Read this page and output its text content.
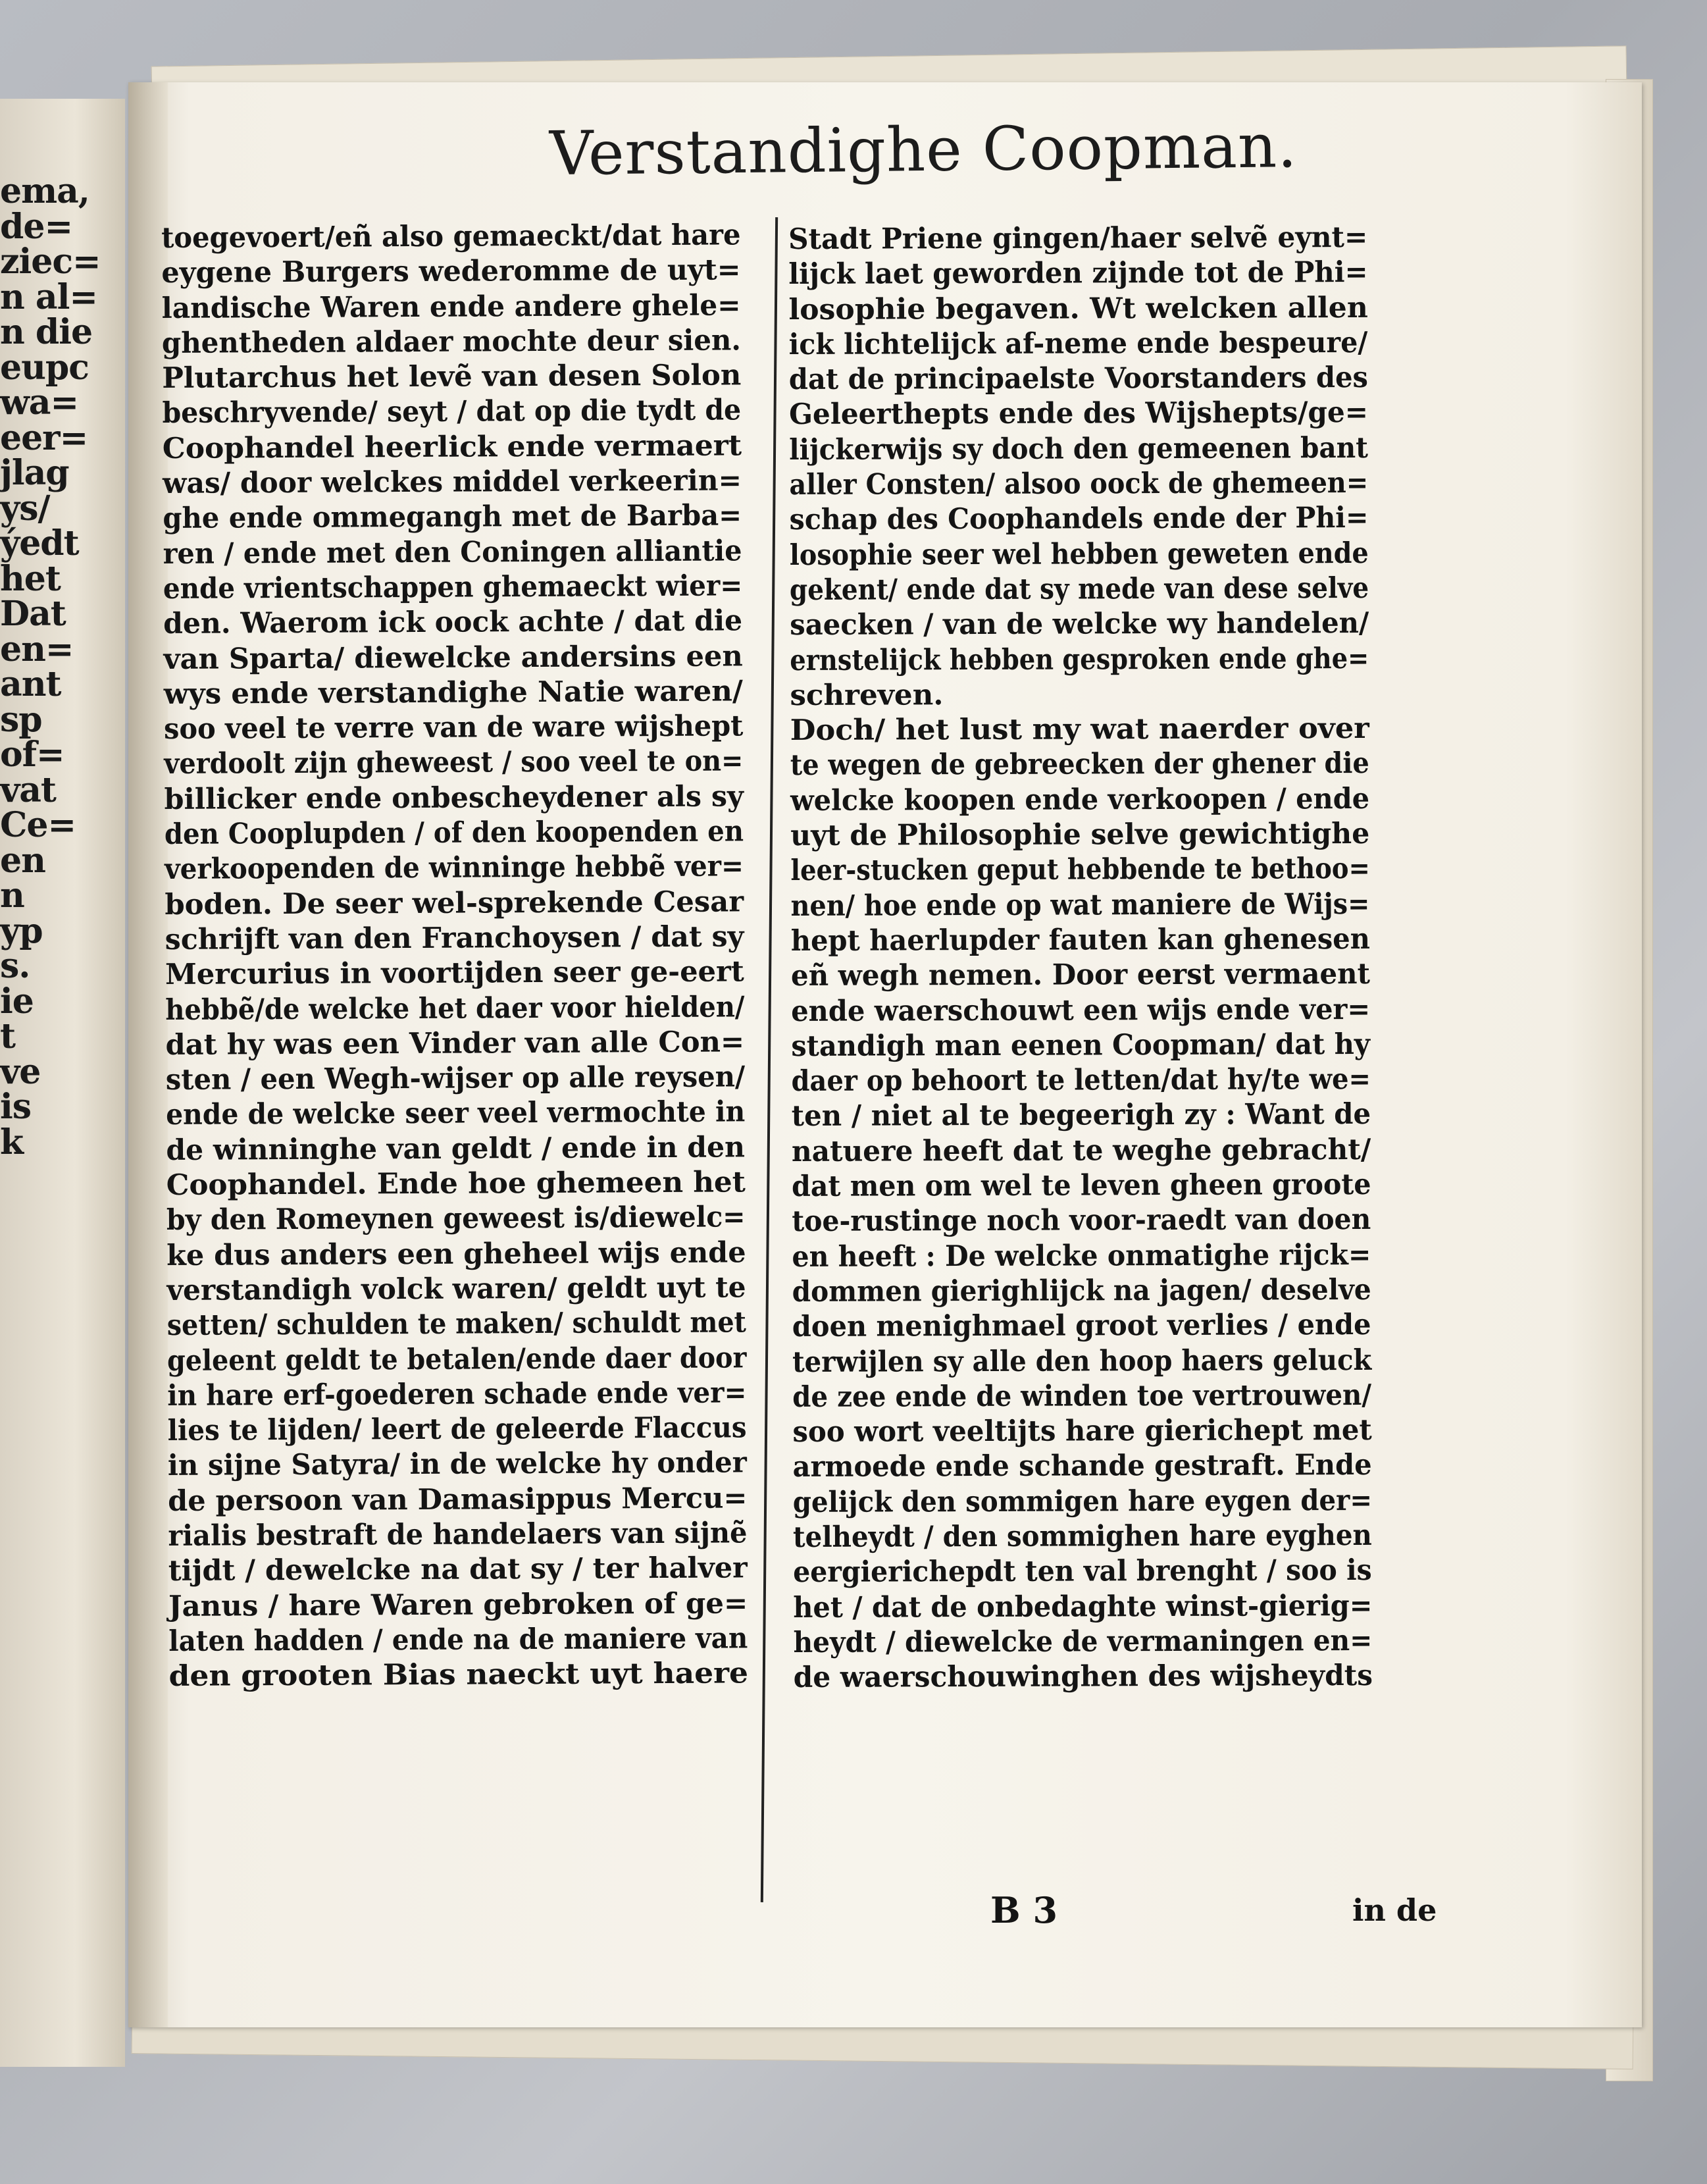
ema,
de=
ziec=
n al=
n die
eupc
wa=
eer=
jlag
ys/
ýedt
het
Dat
en=
ant
sp
of=
vat
Ce=
en
n
yp
s.
ie
t
ve
is
k
Verstandighe Coopman.
toegevoert/eñ also gemaeckt/dat hare
eygene Burgers wederomme de uyt=
landische Waren ende andere ghele=
ghentheden aldaer mochte deur sien.
Plutarchus het levẽ van desen Solon
beschryvende/ seyt / dat op die tydt de
Coophandel heerlick ende vermaert
was/ door welckes middel verkeerin=
ghe ende ommegangh met de Barba=
ren / ende met den Coningen alliantie
ende vrientschappen ghemaeckt wier=
den. Waerom ick oock achte / dat die
van Sparta/ diewelcke andersins een
wys ende verstandighe Natie waren/
soo veel te verre van de ware wijshept
verdoolt zijn gheweest / soo veel te on=
billicker ende onbescheydener als sy
den Cooplupden / of den koopenden en
verkoopenden de winninge hebbẽ ver=
boden. De seer wel-sprekende Cesar
schrijft van den Franchoysen / dat sy
Mercurius in voortijden seer ge-eert
hebbẽ/de welcke het daer voor hielden/
dat hy was een Vinder van alle Con=
sten / een Wegh-wijser op alle reysen/
ende de welcke seer veel vermochte in
de winninghe van geldt / ende in den
Coophandel. Ende hoe ghemeen het
by den Romeynen geweest is/diewelc=
ke dus anders een gheheel wijs ende
verstandigh volck waren/ geldt uyt te
setten/ schulden te maken/ schuldt met
geleent geldt te betalen/ende daer door
in hare erf-goederen schade ende ver=
lies te lijden/ leert de geleerde Flaccus
in sijne Satyra/ in de welcke hy onder
de persoon van Damasippus Mercu=
rialis bestraft de handelaers van sijnẽ
tijdt / dewelcke na dat sy / ter halver
Janus / hare Waren gebroken of ge=
laten hadden / ende na de maniere van
den grooten Bias naeckt uyt haere
Stadt Priene gingen/haer selvẽ eynt=
lijck laet geworden zijnde tot de Phi=
losophie begaven. Wt welcken allen
ick lichtelijck af-neme ende bespeure/
dat de principaelste Voorstanders des
Geleerthepts ende des Wijshepts/ge=
lijckerwijs sy doch den gemeenen bant
aller Consten/ alsoo oock de ghemeen=
schap des Coophandels ende der Phi=
losophie seer wel hebben geweten ende
gekent/ ende dat sy mede van dese selve
saecken / van de welcke wy handelen/
ernstelijck hebben gesproken ende ghe=
schreven.
Doch/ het lust my wat naerder over
te wegen de gebreecken der ghener die
welcke koopen ende verkoopen / ende
uyt de Philosophie selve gewichtighe
leer-stucken geput hebbende te bethoo=
nen/ hoe ende op wat maniere de Wijs=
hept haerlupder fauten kan ghenesen
eñ wegh nemen. Door eerst vermaent
ende waerschouwt een wijs ende ver=
standigh man eenen Coopman/ dat hy
daer op behoort te letten/dat hy/te we=
ten / niet al te begeerigh zy : Want de
natuere heeft dat te weghe gebracht/
dat men om wel te leven gheen groote
toe-rustinge noch voor-raedt van doen
en heeft : De welcke onmatighe rijck=
dommen gierighlijck na jagen/ deselve
doen menighmael groot verlies / ende
terwijlen sy alle den hoop haers geluck
de zee ende de winden toe vertrouwen/
soo wort veeltijts hare gierichept met
armoede ende schande gestraft. Ende
gelijck den sommigen hare eygen der=
telheydt / den sommighen hare eyghen
eergierichepdt ten val brenght / soo is
het / dat de onbedaghte winst-gierig=
heydt / diewelcke de vermaningen en=
de waerschouwinghen des wijsheydts
B 3	in de
